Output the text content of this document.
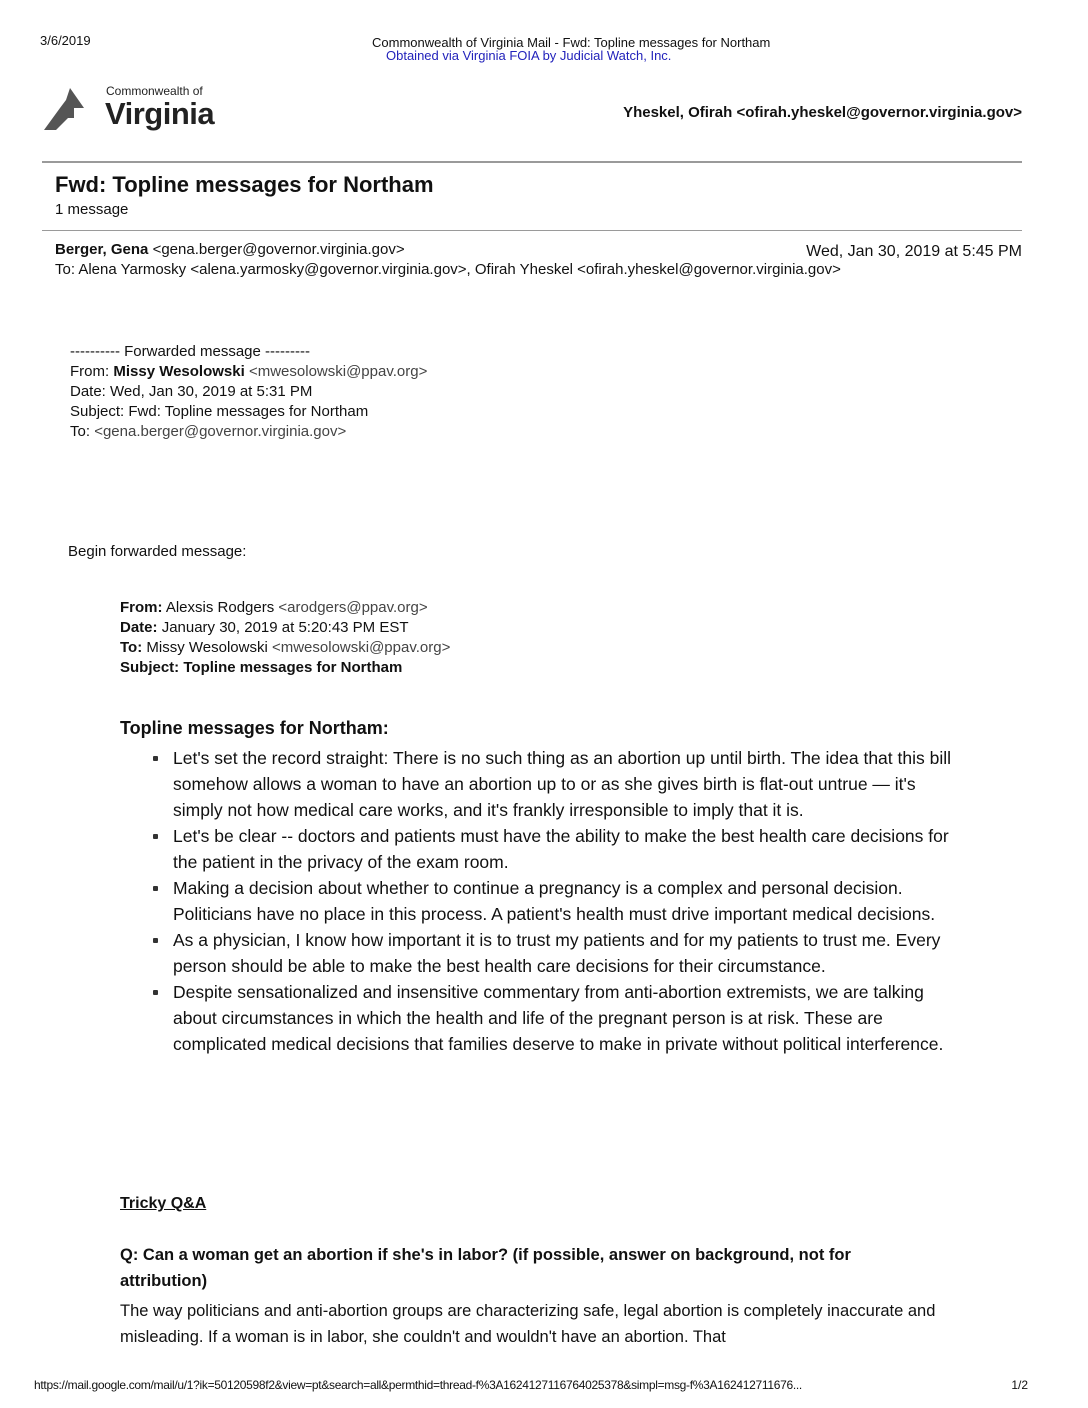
3/6/2019	Commonwealth of Virginia Mail - Fwd: Topline messages for Northam
Obtained via Virginia FOIA by Judicial Watch, Inc.
Commonwealth of
Virginia	Yheskel, Ofirah <ofirah.yheskel@governor.virginia.gov>
Fwd: Topline messages for Northam
1 message
Berger, Gena <gena.berger@governor.virginia.gov>	Wed, Jan 30, 2019 at 5:45 PM
To: Alena Yarmosky <alena.yarmosky@governor.virginia.gov>, Ofirah Yheskel <ofirah.yheskel@governor.virginia.gov>
---------- Forwarded message ---------
From: Missy Wesolowski <mwesolowski@ppav.org>
Date: Wed, Jan 30, 2019 at 5:31 PM
Subject: Fwd: Topline messages for Northam
To: <gena.berger@governor.virginia.gov>
Begin forwarded message:
From: Alexsis Rodgers <arodgers@ppav.org>
Date: January 30, 2019 at 5:20:43 PM EST
To: Missy Wesolowski <mwesolowski@ppav.org>
Subject: Topline messages for Northam
Topline messages for Northam:
Let's set the record straight: There is no such thing as an abortion up until birth. The idea that this bill somehow allows a woman to have an abortion up to or as she gives birth is flat-out untrue — it's simply not how medical care works, and it's frankly irresponsible to imply that it is.
Let's be clear -- doctors and patients must have the ability to make the best health care decisions for the patient in the privacy of the exam room.
Making a decision about whether to continue a pregnancy is a complex and personal decision. Politicians have no place in this process. A patient's health must drive important medical decisions.
As a physician, I know how important it is to trust my patients and for my patients to trust me. Every person should be able to make the best health care decisions for their circumstance.
Despite sensationalized and insensitive commentary from anti-abortion extremists, we are talking about circumstances in which the health and life of the pregnant person is at risk. These are complicated medical decisions that families deserve to make in private without political interference.
Tricky Q&A
Q: Can a woman get an abortion if she's in labor? (if possible, answer on background, not for attribution)
The way politicians and anti-abortion groups are characterizing safe, legal abortion is completely inaccurate and misleading. If a woman is in labor, she couldn't and wouldn't have an abortion. That
https://mail.google.com/mail/u/1?ik=50120598f2&view=pt&search=all&permthid=thread-f%3A1624127116764025378&simpl=msg-f%3A162412711676...	1/2
